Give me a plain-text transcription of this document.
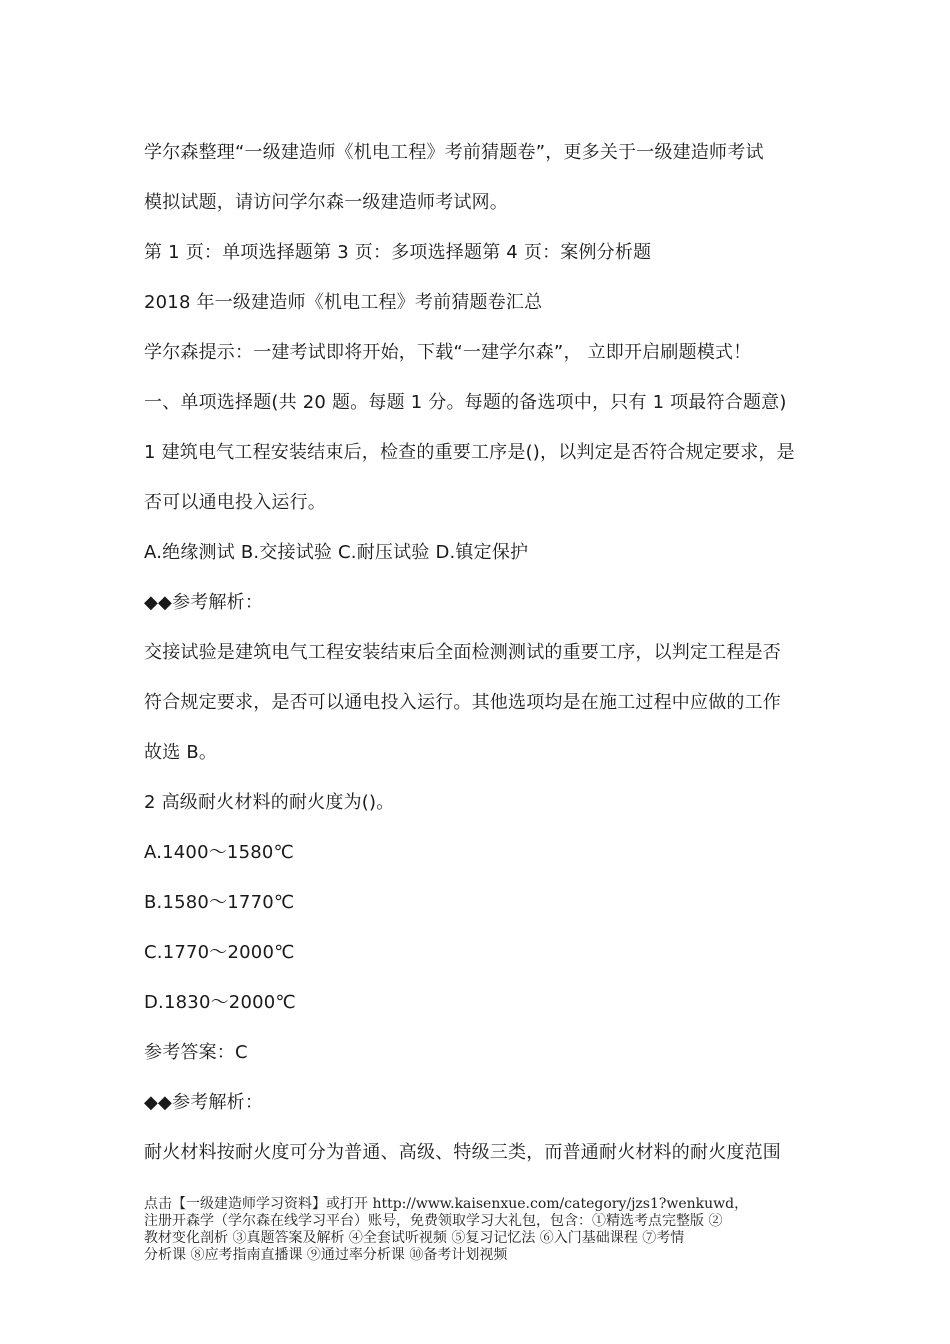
学尔森整理“一级建造师《机电工程》考前猜题卷”，更多关于一级建造师考试
模拟试题，请访问学尔森一级建造师考试网。
第 1 页：单项选择题第 3 页：多项选择题第 4 页：案例分析题
2018 年一级建造师《机电工程》考前猜题卷汇总
学尔森提示：一建考试即将开始，下载“一建学尔森”， 立即开启刷题模式！
一、单项选择题(共 20 题。每题 1 分。每题的备选项中，只有 1 项最符合题意)
1 建筑电气工程安装结束后，检查的重要工序是()，以判定是否符合规定要求，是
否可以通电投入运行。
A.绝缘测试 B.交接试验 C.耐压试验 D.镇定保护
◆◆参考解析：
交接试验是建筑电气工程安装结束后全面检测测试的重要工序，以判定工程是否
符合规定要求，是否可以通电投入运行。其他选项均是在施工过程中应做的工作
故选 B。
2 高级耐火材料的耐火度为()。
A.1400～1580℃
B.1580～1770℃
C.1770～2000℃
D.1830～2000℃
参考答案：C
◆◆参考解析：
耐火材料按耐火度可分为普通、高级、特级三类，而普通耐火材料的耐火度范围
点击【一级建造师学习资料】或打开 http://www.kaisenxue.com/category/jzs1?wenkuwd，
注册开森学（学尔森在线学习平台）账号，免费领取学习大礼包，包含：①精选考点完整版 ②
教材变化剖析 ③真题答案及解析 ④全套试听视频 ⑤复习记忆法 ⑥入门基础课程 ⑦考情
分析课 ⑧应考指南直播课 ⑨通过率分析课 ⑩备考计划视频
